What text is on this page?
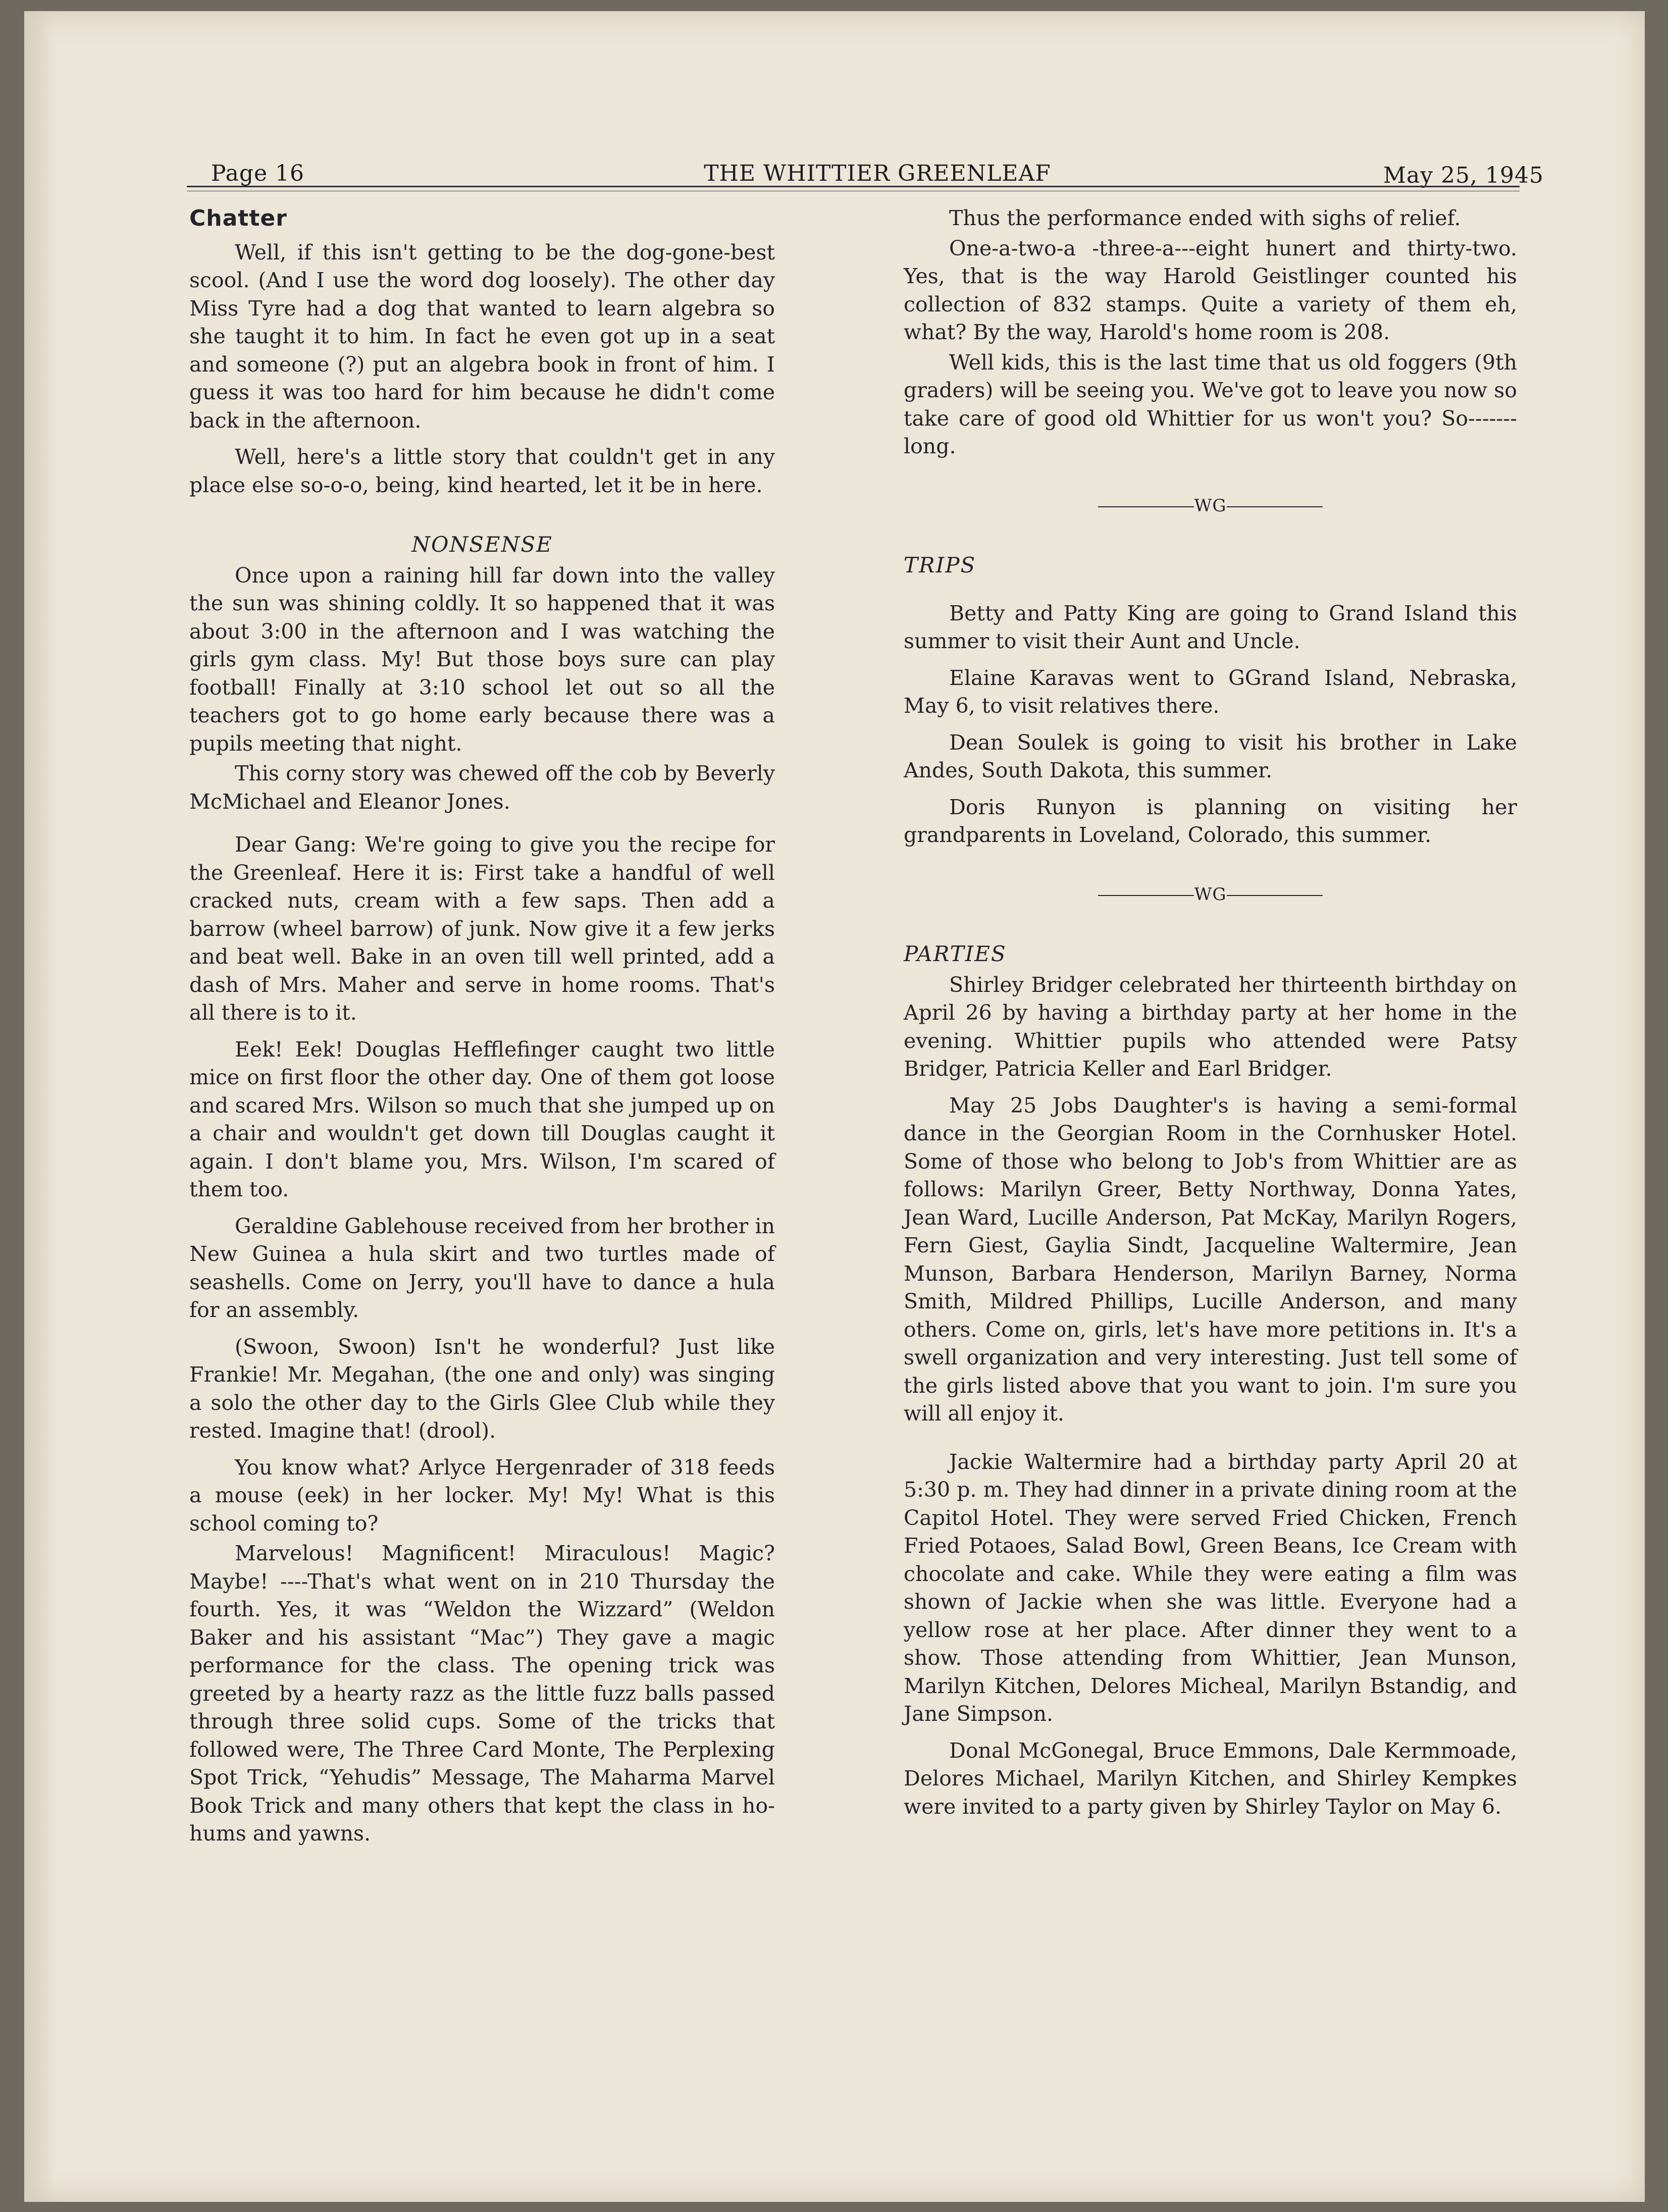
Page 16	THE WHITTIER GREENLEAF	May 25, 1945
Chatter

Well, if this isn't getting to be the dog-gone-best scool. (And I use the word dog loosely). The other day Miss Tyre had a dog that wanted to learn algebra so she taught it to him. In fact he even got up in a seat and someone (?) put an algebra book in front of him. I guess it was too hard for him because he didn't come back in the afternoon.

Well, here's a little story that couldn't get in any place else so-o-o, being, kind hearted, let it be in here.

NONSENSE

Once upon a raining hill far down into the valley the sun was shining coldly. It so happened that it was about 3:00 in the afternoon and I was watching the girls gym class. My! But those boys sure can play football! Finally at 3:10 school let out so all the teachers got to go home early because there was a pupils meeting that night.

This corny story was chewed off the cob by Beverly McMichael and Eleanor Jones.

Dear Gang: We're going to give you the recipe for the Greenleaf. Here it is: First take a handful of well cracked nuts, cream with a few saps. Then add a barrow (wheel barrow) of junk. Now give it a few jerks and beat well. Bake in an oven till well printed, add a dash of Mrs. Maher and serve in home rooms. That's all there is to it.

Eek! Eek! Douglas Hefflefinger caught two little mice on first floor the other day. One of them got loose and scared Mrs. Wilson so much that she jumped up on a chair and wouldn't get down till Douglas caught it again. I don't blame you, Mrs. Wilson, I'm scared of them too.

Geraldine Gablehouse received from her brother in New Guinea a hula skirt and two turtles made of seashells. Come on Jerry, you'll have to dance a hula for an assembly.

(Swoon, Swoon) Isn't he wonderful? Just like Frankie! Mr. Megahan, (the one and only) was singing a solo the other day to the Girls Glee Club while they rested. Imagine that! (drool).

You know what? Arlyce Hergenrader of 318 feeds a mouse (eek) in her locker. My! My! What is this school coming to?

Marvelous! Magnificent! Miraculous! Magic? Maybe! ----That's what went on in 210 Thursday the fourth. Yes, it was “Weldon the Wizzard” (Weldon Baker and his assistant “Mac”) They gave a magic performance for the class. The opening trick was greeted by a hearty razz as the little fuzz balls passed through three solid cups. Some of the tricks that followed were, The Three Card Monte, The Perplexing Spot Trick, “Yehudis” Message, The Maharma Marvel Book Trick and many others that kept the class in ho-hums and yawns.

Thus the performance ended with sighs of relief.

One-a-two-a -three-a---eight hunert and thirty-two. Yes, that is the way Harold Geistlinger counted his collection of 832 stamps. Quite a variety of them eh, what? By the way, Harold's home room is 208.

Well kids, this is the last time that us old foggers (9th graders) will be seeing you. We've got to leave you now so take care of good old Whittier for us won't you? So-------long.

WG
TRIPS

Betty and Patty King are going to Grand Island this summer to visit their Aunt and Uncle.

Elaine Karavas went to GGrand Island, Nebraska, May 6, to visit relatives there.

Dean Soulek is going to visit his brother in Lake Andes, South Dakota, this summer.

Doris Runyon is planning on visiting her grandparents in Loveland, Colorado, this summer.

WG
PARTIES

Shirley Bridger celebrated her thirteenth birthday on April 26 by having a birthday party at her home in the evening. Whittier pupils who attended were Patsy Bridger, Patricia Keller and Earl Bridger.

May 25 Jobs Daughter's is having a semi-formal dance in the Georgian Room in the Cornhusker Hotel. Some of those who belong to Job's from Whittier are as follows: Marilyn Greer, Betty Northway, Donna Yates, Jean Ward, Lucille Anderson, Pat McKay, Marilyn Rogers, Fern Giest, Gaylia Sindt, Jacqueline Waltermire, Jean Munson, Barbara Henderson, Marilyn Barney, Norma Smith, Mildred Phillips, Lucille Anderson, and many others. Come on, girls, let's have more petitions in. It's a swell organization and very interesting. Just tell some of the girls listed above that you want to join. I'm sure you will all enjoy it.

Jackie Waltermire had a birthday party April 20 at 5:30 p. m. They had dinner in a private dining room at the Capitol Hotel. They were served Fried Chicken, French Fried Potaoes, Salad Bowl, Green Beans, Ice Cream with chocolate and cake. While they were eating a film was shown of Jackie when she was little. Everyone had a yellow rose at her place. After dinner they went to a show. Those attending from Whittier, Jean Munson, Marilyn Kitchen, Delores Micheal, Marilyn Bstandig, and Jane Simpson.

Donal McGonegal, Bruce Emmons, Dale Kermmoade, Delores Michael, Marilyn Kitchen, and Shirley Kempkes were invited to a party given by Shirley Taylor on May 6.
